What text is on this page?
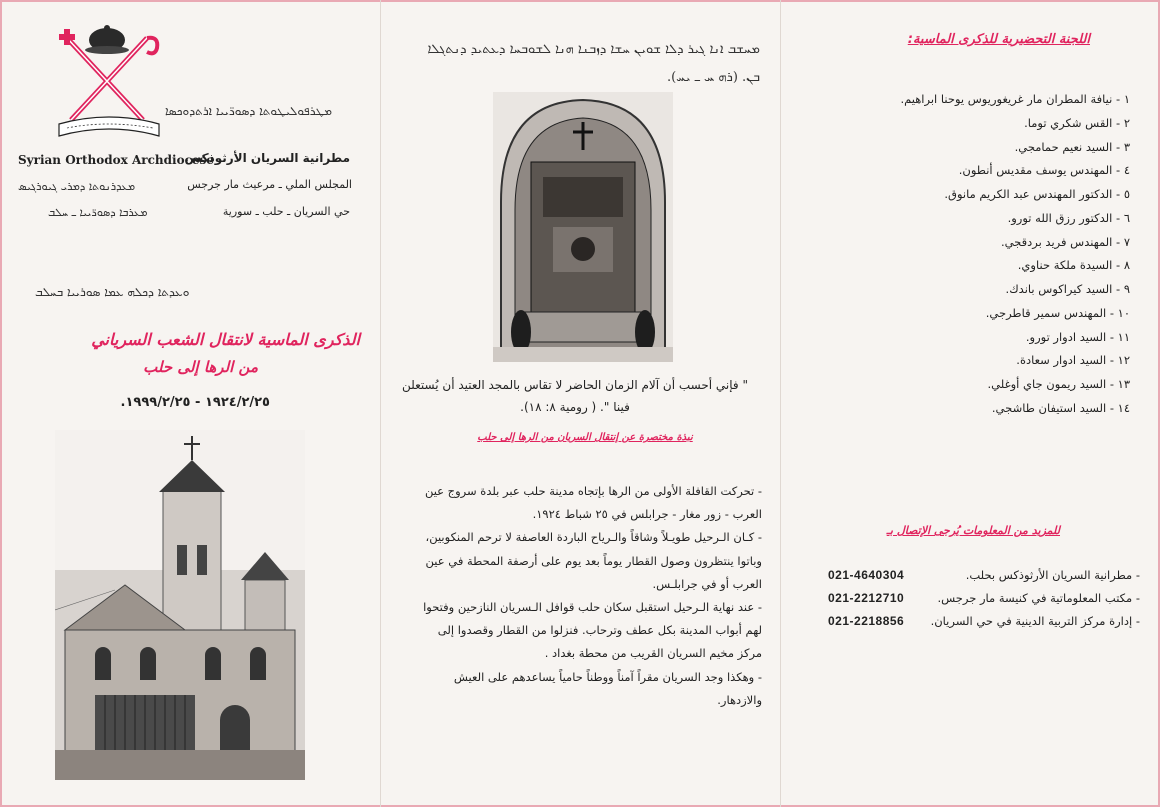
ܡܛܪܦܘܠܝܛܘܬܐ ܕܣܘܪ̈ܝܝܐ ܐܪܬܕܘܟܣܐ
Syrian Orthodox Archdiocese
مطرانية السريان الأرثوذكس
المجلس الملي ـ مرعيث مار جرجس
ܡܥܕܪܢܘܬܐ ܕܡܪܝ ܓܝܘܪܓܝܣ
حي السريان ـ حلب ـ سورية
ܡܥܪܒܐ ܕܣܘܪ̈ܝܝܐ ـ ܚܠܒ
ܘܥܕܬܐ ܕܟܠܗ ܥܡܐ ܣܘܪܝܝܐ ܒܚܠܒ
الذكرى الماسية لانتقال الشعب السرياني
من الرها إلى حلب
١٩٢٤/٢/٢٥ - ١٩٩٩/٢/٢٥.
ܡܚܫܒ ܐܢܐ ܓܝܪ ܕܠܐ ܫܘܝܢ ܚܫܐ ܕܙܒܢܐ ܗܢܐ ܠܫܘܒܚܐ ܕܥܬܝܕ ܕܢܬܓܠܐ ܒܢ. (ܪܗ ܚ ـ ܝܚ).
" فإني أحسب أن آلام الزمان الحاضر لا تقاس بالمجد العتيد أن يُستعلن فينا ". ( رومية ٨: ١٨).
نبذة مختصرة عن إنتقال السريان من الرها إلى حلب

- تحركت القافلة الأولى من الرها بإتجاه مدينة حلب عبر بلدة سروج عين العرب - زور مغار - جرابلس في ٢٥ شباط ١٩٢٤.

- كـان الـرحيل طويـلاً وشاقاً والـرياح الباردة العاصفة لا ترحم المنكوبين، وباتوا ينتظرون وصول القطار يوماً بعد يوم على أرصفة المحطة في عين العرب أو في جرابلـس.

- عند نهاية الـرحيل استقبل سكان حلب قوافل الـسريان النازحين وفتحوا لهم أبواب المدينة بكل عطف وترحاب. فنزلوا من القطار وقصدوا إلى مركز مخيم السريان القريب من محطة بغداد .

- وهكذا وجد السريان مقراً آمناً ووطناً حامياً يساعدهم على العيش والازدهار.

اللجنة التحضيرية للذكرى الماسية:
١ - نيافة المطران مار غريغوريوس يوحنا ابراهيم.
٢ - القس شكري توما.
٣ - السيد نعيم حمامجي.
٤ - المهندس يوسف مقديس أنطون.
٥ - الدكتور المهندس عبد الكريم مانوق.
٦ - الدكتور رزق الله تورو.
٧ - المهندس فريد بردقجي.
٨ - السيدة ملكة حناوي.
٩ - السيد كيراكوس باندك.
١٠ - المهندس سمير قاطرجي.
١١ - السيد ادوار تورو.
١٢ - السيد ادوار سعادة.
١٣ - السيد ريمون جاي أوغلي.
١٤ - السيد استيفان طاشجي.
للمزيد من المعلومات يُرجى الإتصال بـ
- مطرانية السريان الأرثوذكس بحلب.
021-4640304
- مكتب المعلوماتية في كنيسة مار جرجس.
021-2212710
- إدارة مركز التربية الدينية في حي السريان.
021-2218856
